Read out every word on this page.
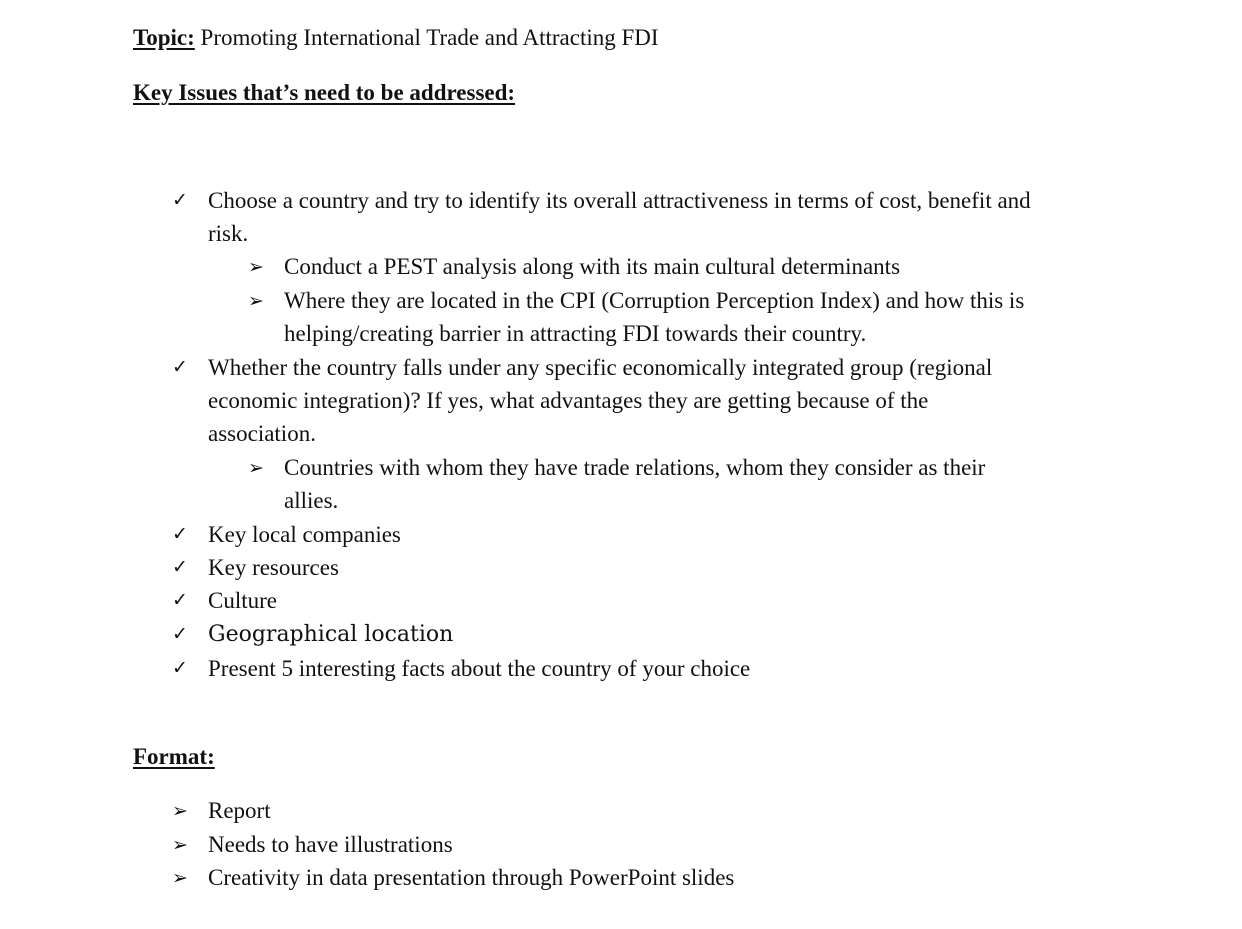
Topic: Promoting International Trade and Attracting FDI
Key Issues that’s need to be addressed:
✓ Choose a country and try to identify its overall attractiveness in terms of cost, benefit and
risk.
➢ Conduct a PEST analysis along with its main cultural determinants
➢ Where they are located in the CPI (Corruption Perception Index) and how this is
helping/creating barrier in attracting FDI towards their country.
✓ Whether the country falls under any specific economically integrated group (regional
economic integration)? If yes, what advantages they are getting because of the
association.
➢ Countries with whom they have trade relations, whom they consider as their
allies.
✓ Key local companies
✓ Key resources
✓ Culture
✓ Geographical location
✓ Present 5 interesting facts about the country of your choice
Format:
➢ Report
➢ Needs to have illustrations
➢ Creativity in data presentation through PowerPoint slides
